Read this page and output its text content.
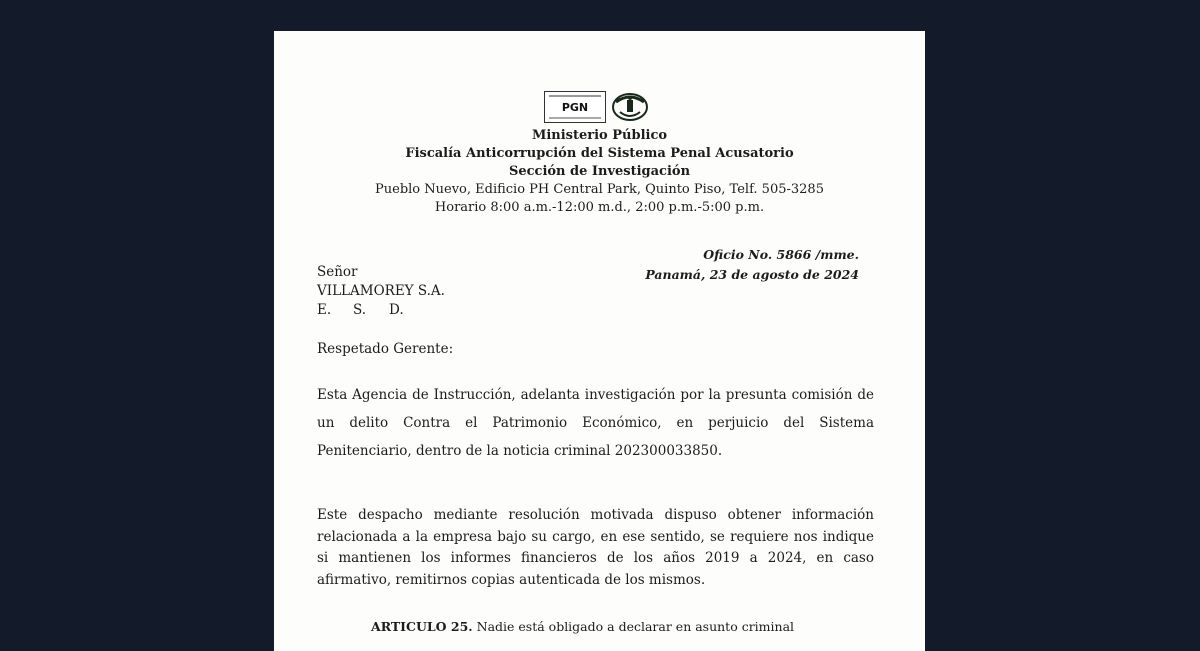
PGN
Ministerio Público
Fiscalía Anticorrupción del Sistema Penal Acusatorio
Sección de Investigación
Pueblo Nuevo, Edificio PH Central Park, Quinto Piso, Telf. 505-3285
Horario 8:00 a.m.-12:00 m.d., 2:00 p.m.-5:00 p.m.
Oficio No. 5866 /mme.
Panamá, 23 de agosto de 2024
Señor
VILLAMOREY S.A.
E. S. D.
Respetado Gerente:
Esta Agencia de Instrucción, adelanta investigación por la presunta comisión de un delito Contra el Patrimonio Económico, en perjuicio del Sistema Penitenciario, dentro de la noticia criminal 202300033850.
Este despacho mediante resolución motivada dispuso obtener información relacionada a la empresa bajo su cargo, en ese sentido, se requiere nos indique si mantienen los informes financieros de los años 2019 a 2024, en caso afirmativo, remitirnos copias autenticada de los mismos.
ARTICULO 25. Nadie está obligado a declarar en asunto criminal
